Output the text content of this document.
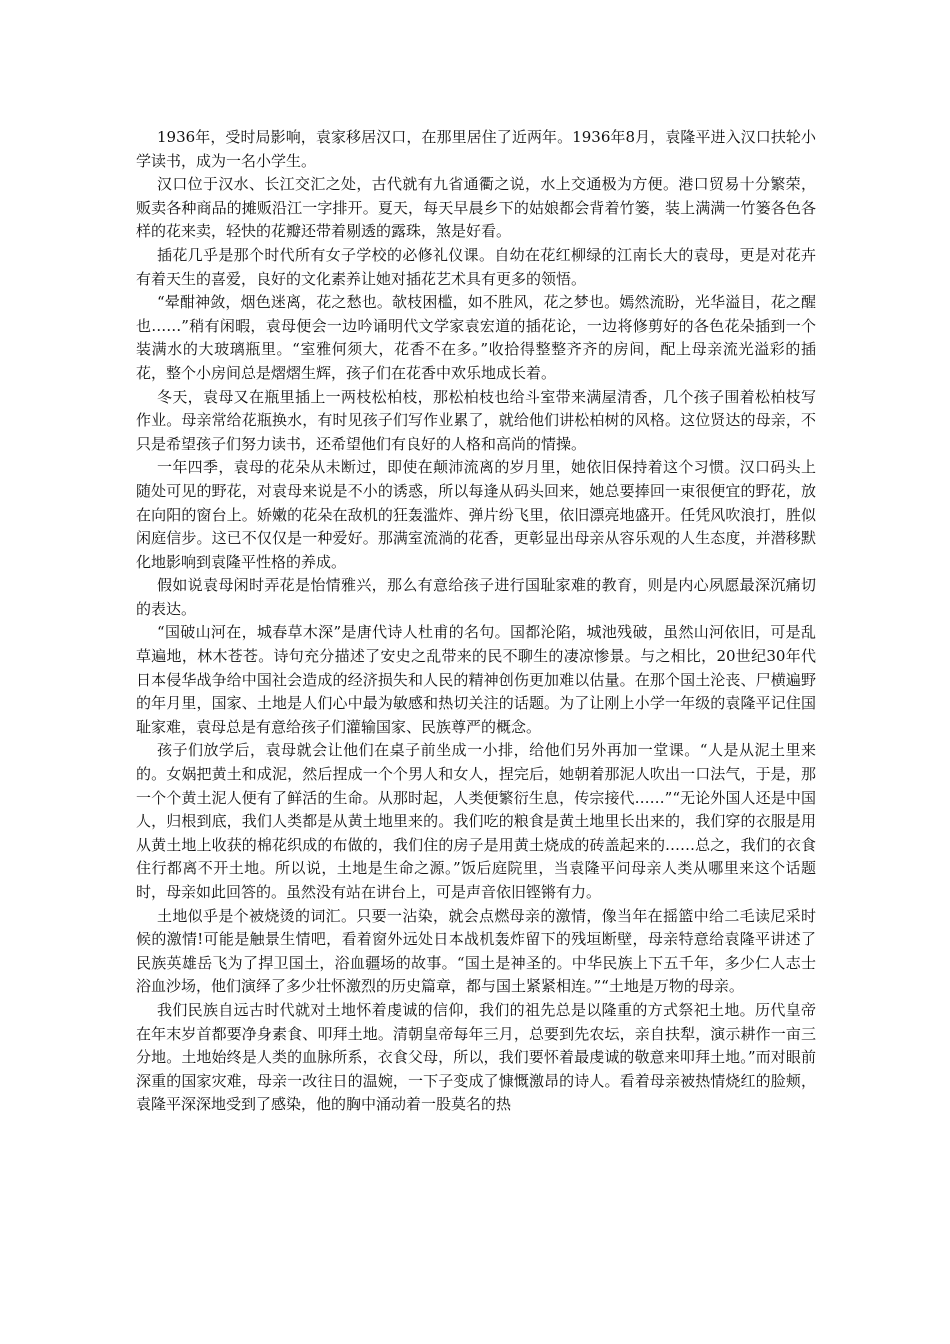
1936年，受时局影响，袁家移居汉口，在那里居住了近两年。1936年8月，袁隆平进入汉口扶轮小学读书，成为一名小学生。

汉口位于汉水、长江交汇之处，古代就有九省通衢之说，水上交通极为方便。港口贸易十分繁荣，贩卖各种商品的摊贩沿江一字排开。夏天，每天早晨乡下的姑娘都会背着竹篓，装上满满一竹篓各色各样的花来卖，轻快的花瓣还带着剔透的露珠，煞是好看。

插花几乎是那个时代所有女子学校的必修礼仪课。自幼在花红柳绿的江南长大的袁母，更是对花卉有着天生的喜爱，良好的文化素养让她对插花艺术具有更多的领悟。

“晕酣神敛，烟色迷离，花之愁也。欹枝困槛，如不胜风，花之梦也。嫣然流盼，光华溢目，花之醒也……”稍有闲暇，袁母便会一边吟诵明代文学家袁宏道的插花论，一边将修剪好的各色花朵插到一个装满水的大玻璃瓶里。“室雅何须大，花香不在多。”收拾得整整齐齐的房间，配上母亲流光溢彩的插花，整个小房间总是熠熠生辉，孩子们在花香中欢乐地成长着。

冬天，袁母又在瓶里插上一两枝松柏枝，那松柏枝也给斗室带来满屋清香，几个孩子围着松柏枝写作业。母亲常给花瓶换水，有时见孩子们写作业累了，就给他们讲松柏树的风格。这位贤达的母亲，不只是希望孩子们努力读书，还希望他们有良好的人格和高尚的情操。

一年四季，袁母的花朵从未断过，即使在颠沛流离的岁月里，她依旧保持着这个习惯。汉口码头上随处可见的野花，对袁母来说是不小的诱惑，所以每逢从码头回来，她总要捧回一束很便宜的野花，放在向阳的窗台上。娇嫩的花朵在敌机的狂轰滥炸、弹片纷飞里，依旧漂亮地盛开。任凭风吹浪打，胜似闲庭信步。这已不仅仅是一种爱好。那满室流淌的花香，更彰显出母亲从容乐观的人生态度，并潜移默化地影响到袁隆平性格的养成。

假如说袁母闲时弄花是怡情雅兴，那么有意给孩子进行国耻家难的教育，则是内心夙愿最深沉痛切的表达。

“国破山河在，城春草木深”是唐代诗人杜甫的名句。国都沦陷，城池残破，虽然山河依旧，可是乱草遍地，林木苍苍。诗句充分描述了安史之乱带来的民不聊生的凄凉惨景。与之相比，20世纪30年代日本侵华战争给中国社会造成的经济损失和人民的精神创伤更加难以估量。在那个国土沦丧、尸横遍野的年月里，国家、土地是人们心中最为敏感和热切关注的话题。为了让刚上小学一年级的袁隆平记住国耻家难，袁母总是有意给孩子们灌输国家、民族尊严的概念。

孩子们放学后，袁母就会让他们在桌子前坐成一小排，给他们另外再加一堂课。“人是从泥土里来的。女娲把黄土和成泥，然后捏成一个个男人和女人，捏完后，她朝着那泥人吹出一口法气，于是，那一个个黄土泥人便有了鲜活的生命。从那时起，人类便繁衍生息，传宗接代……”“无论外国人还是中国人，归根到底，我们人类都是从黄土地里来的。我们吃的粮食是黄土地里长出来的，我们穿的衣服是用从黄土地上收获的棉花织成的布做的，我们住的房子是用黄土烧成的砖盖起来的……总之，我们的衣食住行都离不开土地。所以说，土地是生命之源。”饭后庭院里，当袁隆平问母亲人类从哪里来这个话题时，母亲如此回答的。虽然没有站在讲台上，可是声音依旧铿锵有力。

土地似乎是个被烧烫的词汇。只要一沾染，就会点燃母亲的激情，像当年在摇篮中给二毛读尼采时候的激情!可能是触景生情吧，看着窗外远处日本战机轰炸留下的残垣断壁，母亲特意给袁隆平讲述了民族英雄岳飞为了捍卫国土，浴血疆场的故事。“国土是神圣的。中华民族上下五千年，多少仁人志士浴血沙场，他们演绎了多少壮怀激烈的历史篇章，都与国土紧紧相连。”“土地是万物的母亲。

我们民族自远古时代就对土地怀着虔诚的信仰，我们的祖先总是以隆重的方式祭祀土地。历代皇帝在年末岁首都要净身素食、叩拜土地。清朝皇帝每年三月，总要到先农坛，亲自扶犁，演示耕作一亩三分地。土地始终是人类的血脉所系，衣食父母，所以，我们要怀着最虔诚的敬意来叩拜土地。”而对眼前深重的国家灾难，母亲一改往日的温婉，一下子变成了慷慨激昂的诗人。看着母亲被热情烧红的脸颊，袁隆平深深地受到了感染，他的胸中涌动着一股莫名的热
